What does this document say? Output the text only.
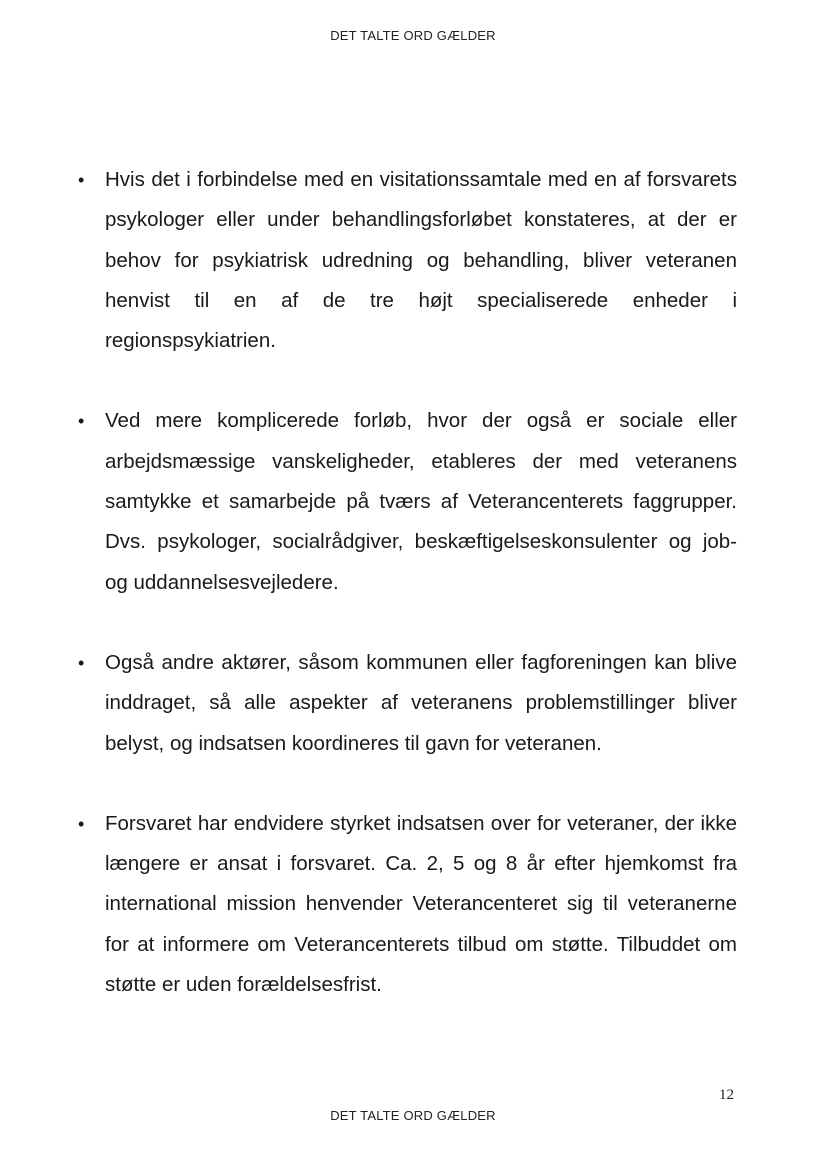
DET TALTE ORD GÆLDER
• Hvis det i forbindelse med en visitationssamtale med en af forsvarets psykologer eller under behandlingsforløbet konstateres, at der er behov for psykiatrisk udredning og behandling, bliver veteranen henvist til en af de tre højt specialiserede enheder i regionspsykiatrien.
• Ved mere komplicerede forløb, hvor der også er sociale eller arbejdsmæssige vanskeligheder, etableres der med veteranens samtykke et samarbejde på tværs af Veterancenterets faggrupper. Dvs. psykologer, socialrådgiver, beskæftigelseskonsulenter og job- og uddannelsesvejledere.
• Også andre aktører, såsom kommunen eller fagforeningen kan blive inddraget, så alle aspekter af veteranens problemstillinger bliver belyst, og indsatsen koordineres til gavn for veteranen.
• Forsvaret har endvidere styrket indsatsen over for veteraner, der ikke længere er ansat i forsvaret. Ca. 2, 5 og 8 år efter hjemkomst fra international mission henvender Veterancenteret sig til veteranerne for at informere om Veterancenterets tilbud om støtte. Tilbuddet om støtte er uden forældelsesfrist.
12
DET TALTE ORD GÆLDER
